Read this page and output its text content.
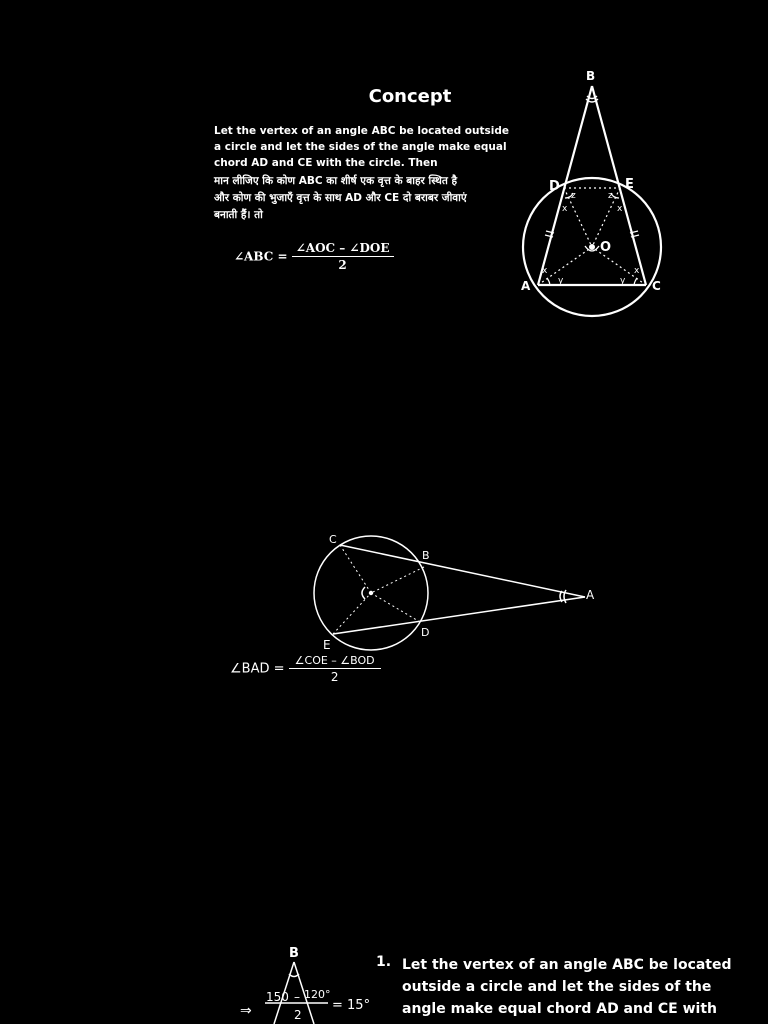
Concept
Let the vertex of an angle ABC be located outside
a circle and let the sides of the angle make equal
chord AD and CE with the circle. Then
मान लीजिए कि कोण ABC का शीर्ष एक वृत्त के बाहर स्थित है
और कोण की भुजाएँ वृत्त के साथ AD और CE दो बराबर जीवाएं
बनाती हैं। तो
∠ABC = $\frac{\text{∠AOC – ∠DOE}}{2}$
B
D	E
A	C
O
z	z
x	x
x	x
y	y
C
B
A
E
D
∠BAD = $\frac{\text{∠COE – ∠BOD}}{2}$
B
⇒
150 – 120°
2
= 15°
1. Let the vertex of an angle ABC be located
outside a circle and let the sides of the
angle make equal chord AD and CE with
